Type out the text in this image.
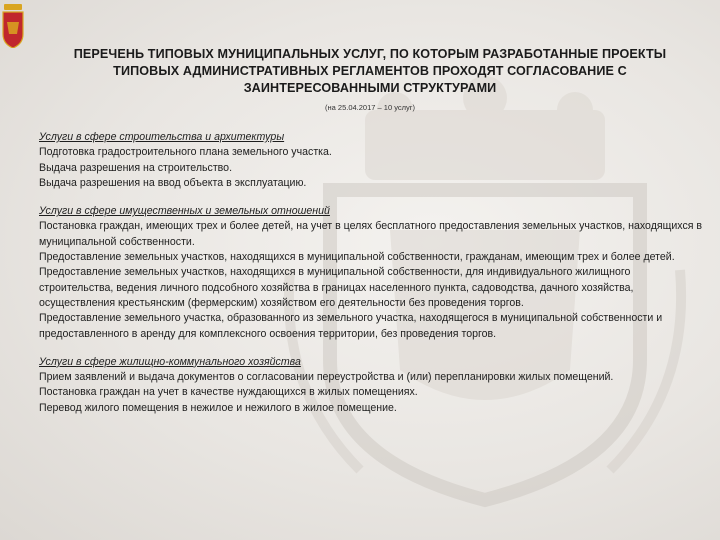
ПЕРЕЧЕНЬ ТИПОВЫХ МУНИЦИПАЛЬНЫХ УСЛУГ, ПО КОТОРЫМ РАЗРАБОТАННЫЕ ПРОЕКТЫ ТИПОВЫХ АДМИНИСТРАТИВНЫХ РЕГЛАМЕНТОВ ПРОХОДЯТ СОГЛАСОВАНИЕ С ЗАИНТЕРЕСОВАННЫМИ СТРУКТУРАМИ
(на 25.04.2017 – 10 услуг)
Услуги в сфере строительства и архитектуры

Подготовка градостроительного плана земельного участка.

Выдача разрешения на строительство.

Выдача разрешения на ввод объекта в эксплуатацию.

Услуги в сфере имущественных и земельных отношений

Постановка граждан, имеющих трех и более детей, на учет в целях бесплатного предоставления земельных участков, находящихся в муниципальной собственности.

Предоставление земельных участков, находящихся в муниципальной собственности, гражданам, имеющим трех и более детей.

Предоставление земельных участков, находящихся в муниципальной собственности, для индивидуального жилищного строительства, ведения личного подсобного хозяйства в границах населенного пункта, садоводства, дачного хозяйства, осуществления крестьянским (фермерским) хозяйством его деятельности без проведения торгов.

Предоставление земельного участка, образованного из земельного участка, находящегося в муниципальной собственности и предоставленного в аренду для комплексного освоения территории, без проведения торгов.

Услуги в сфере жилищно-коммунального хозяйства

Прием заявлений и выдача документов о согласовании переустройства и (или) перепланировки жилых помещений.

Постановка граждан на учет в качестве нуждающихся в жилых помещениях.

Перевод жилого помещения в нежилое и нежилого в жилое помещение.
